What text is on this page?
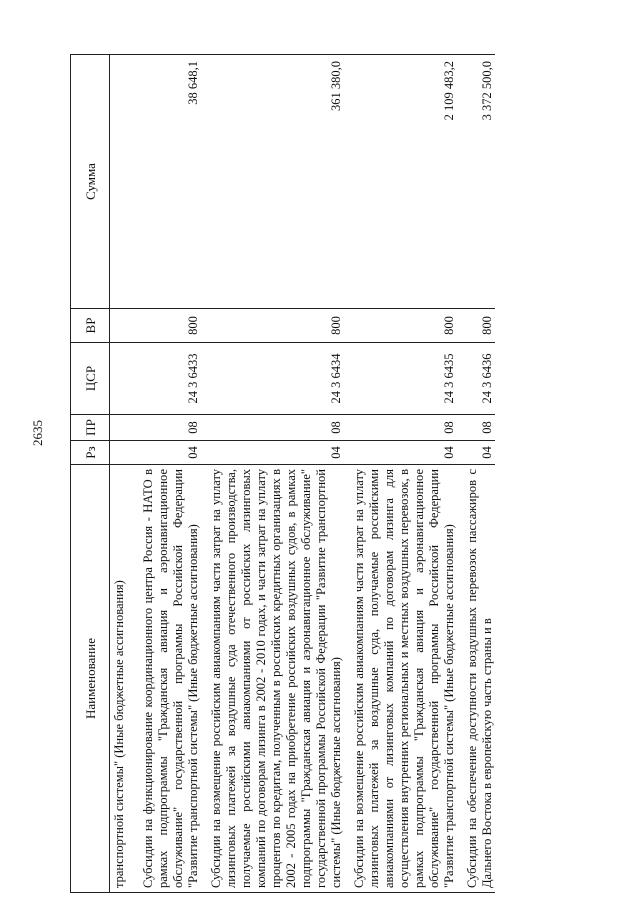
2635
Наименование	Рз	ПР	ЦСР	ВР	Сумма
транспортной системы" (Иные бюджетные ассигнования)					
Субсидии на функционирование координационного центра Россия - НАТО в рамках подпрограммы "Гражданская авиация и аэронавигационное обслуживание" государственной программы Российской Федерации "Развитие транспортной системы" (Иные бюджетные ассигнования)	04	08	24 3 6433	800	38 648,1
Субсидии на возмещение российским авиакомпаниям части затрат на уплату лизинговых платежей за воздушные суда отечественного производства, получаемые российскими авиакомпаниями от российских лизинговых компаний по договорам лизинга в 2002 - 2010 годах, и части затрат на уплату процентов по кредитам, полученным в российских кредитных организациях в 2002 - 2005 годах на приобретение российских воздушных судов, в рамках подпрограммы "Гражданская авиация и аэронавигационное обслуживание" государственной программы Российской Федерации "Развитие транспортной системы" (Иные бюджетные ассигнования)	04	08	24 3 6434	800	361 380,0
Субсидии на возмещение российским авиакомпаниям части затрат на уплату лизинговых платежей за воздушные суда, получаемые российскими авиакомпаниями от лизинговых компаний по договорам лизинга для осуществления внутренних региональных и местных воздушных перевозок, в рамках подпрограммы "Гражданская авиация и аэронавигационное обслуживание" государственной программы Российской Федерации "Развитие транспортной системы" (Иные бюджетные ассигнования)	04	08	24 3 6435	800	2 109 483,2
Субсидии на обеспечение доступности воздушных перевозок пассажиров с Дальнего Востока в европейскую часть страны и в	04	08	24 3 6436	800	3 372 500,0
